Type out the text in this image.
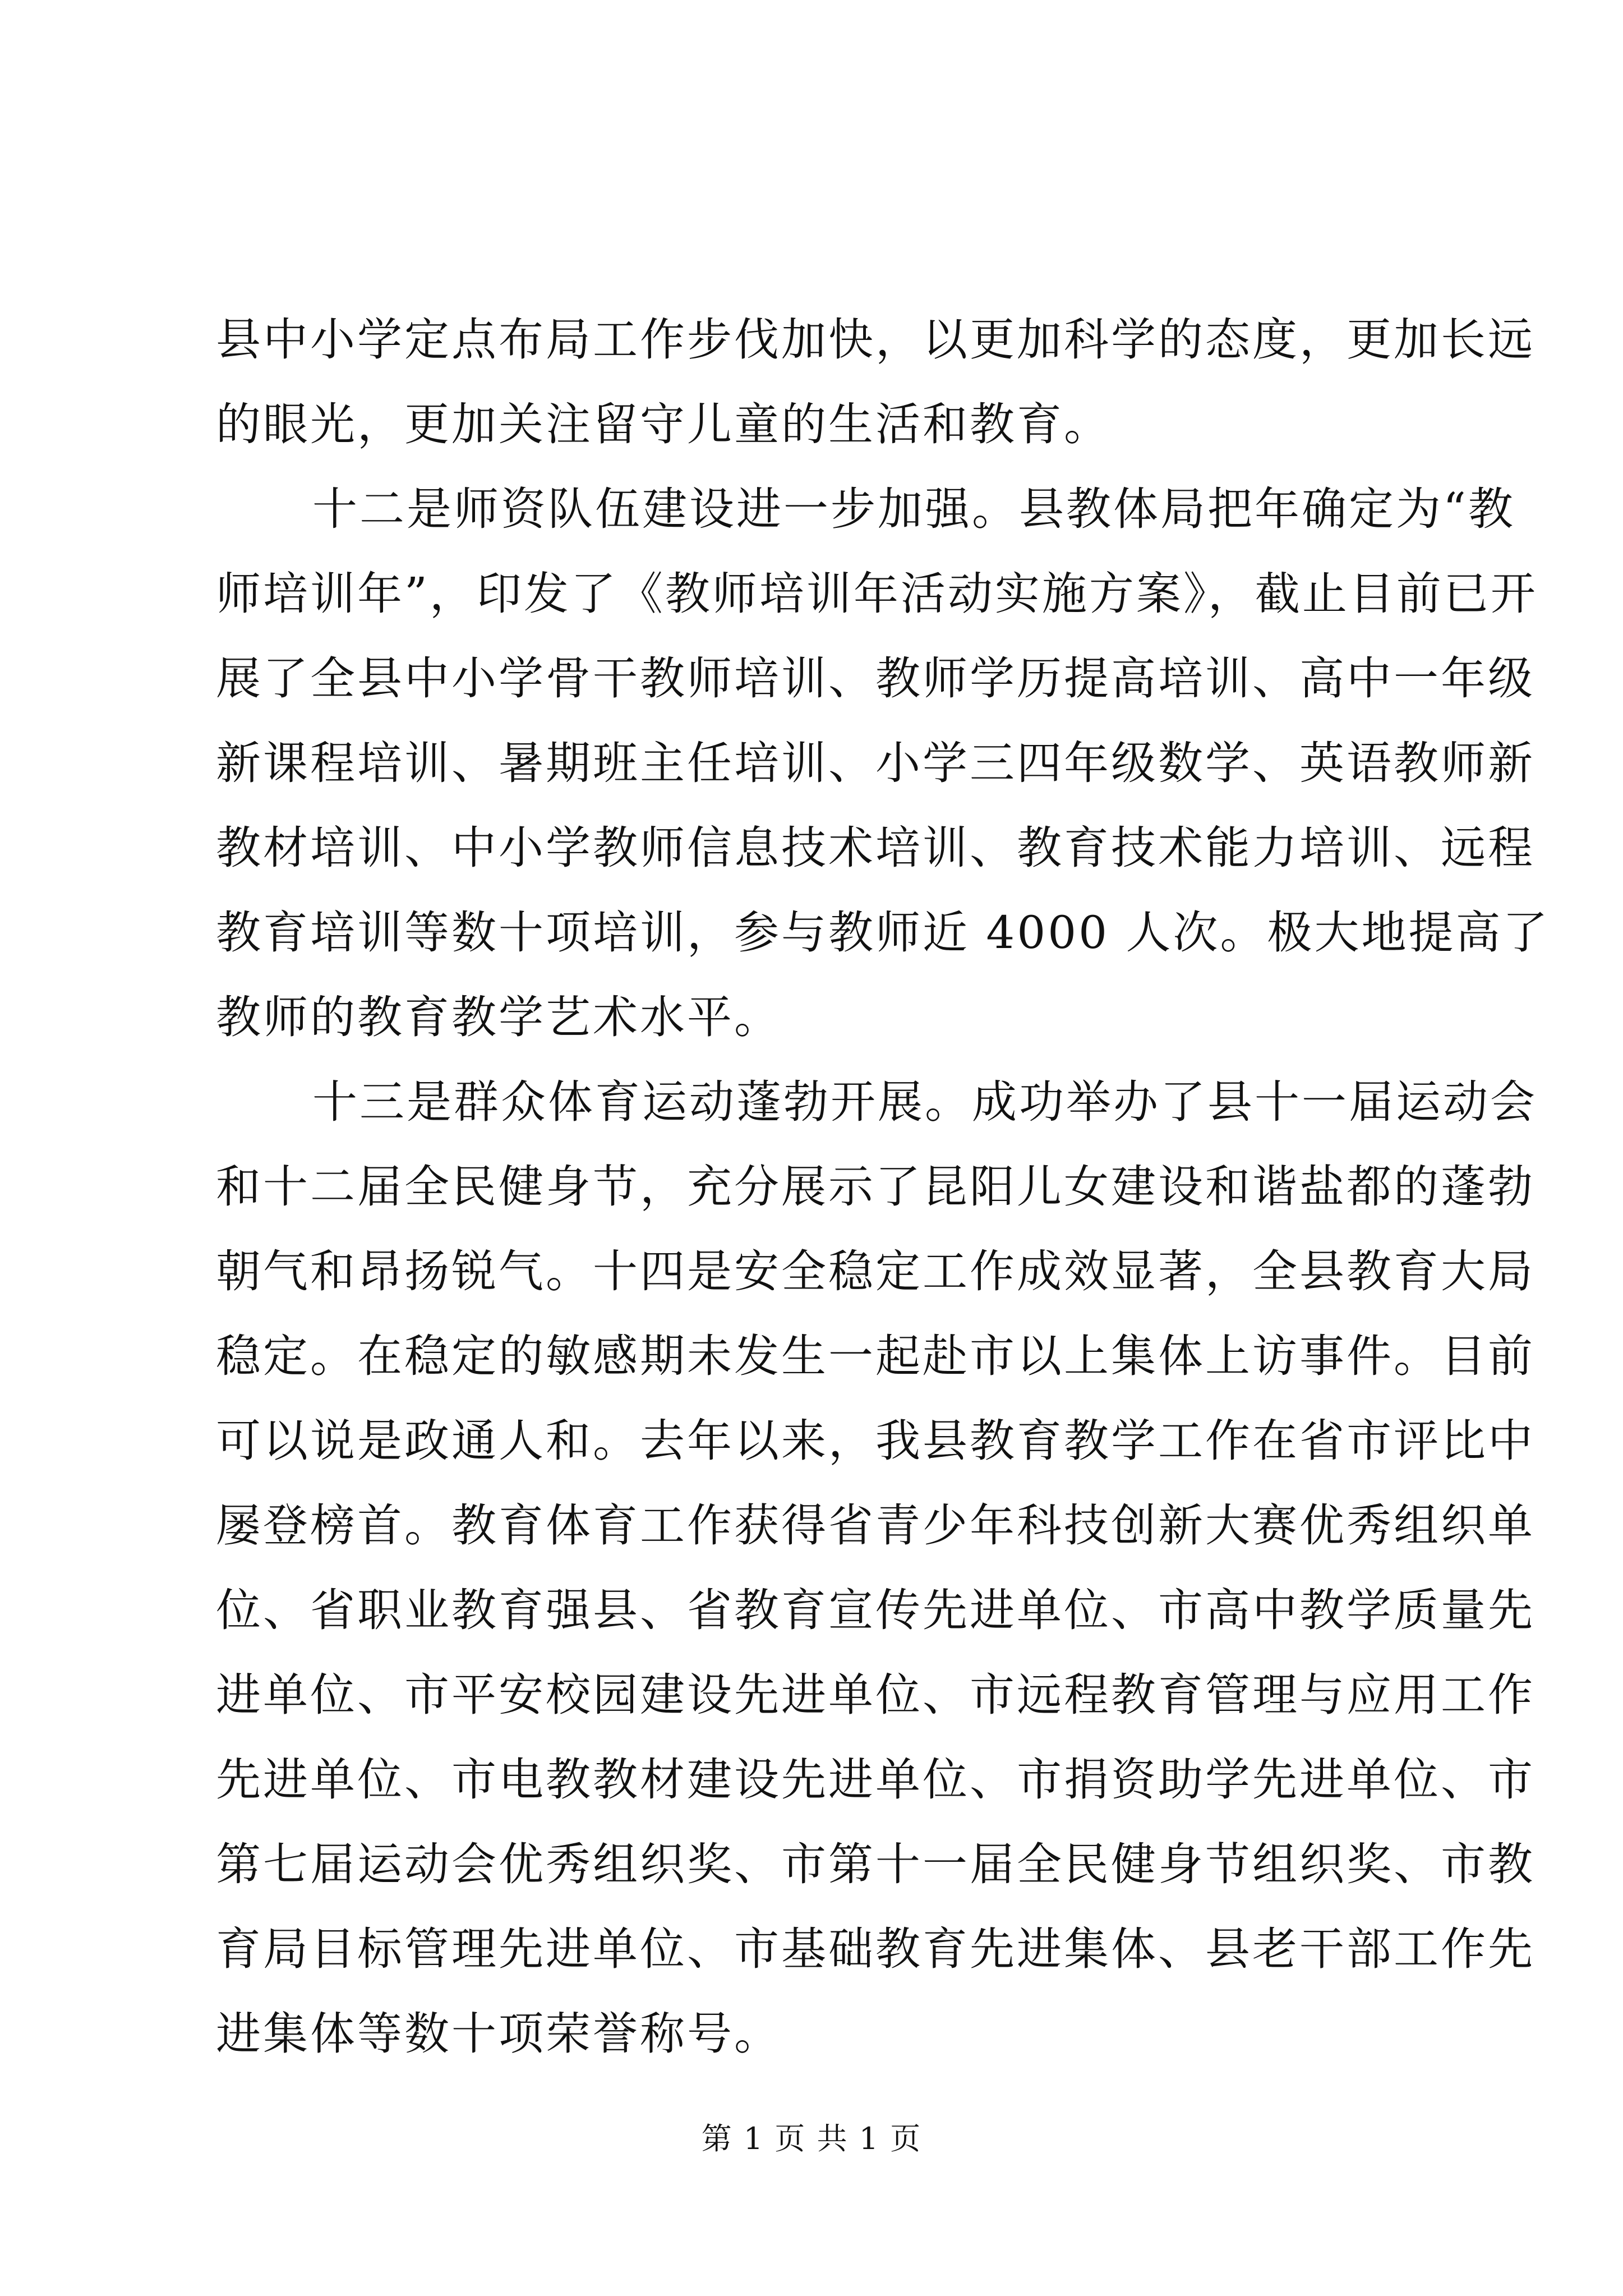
县中小学定点布局工作步伐加快，以更加科学的态度，更加长远
的眼光，更加关注留守儿童的生活和教育。

十二是师资队伍建设进一步加强。县教体局把年确定为“教
师培训年”，印发了《教师培训年活动实施方案》，截止目前已开
展了全县中小学骨干教师培训、教师学历提高培训、高中一年级
新课程培训、暑期班主任培训、小学三四年级数学、英语教师新
教材培训、中小学教师信息技术培训、教育技术能力培训、远程
教育培训等数十项培训，参与教师近 4000 人次。极大地提高了
教师的教育教学艺术水平。

十三是群众体育运动蓬勃开展。成功举办了县十一届运动会
和十二届全民健身节，充分展示了昆阳儿女建设和谐盐都的蓬勃
朝气和昂扬锐气。十四是安全稳定工作成效显著，全县教育大局
稳定。在稳定的敏感期未发生一起赴市以上集体上访事件。目前
可以说是政通人和。去年以来，我县教育教学工作在省市评比中
屡登榜首。教育体育工作获得省青少年科技创新大赛优秀组织单
位、省职业教育强县、省教育宣传先进单位、市高中教学质量先
进单位、市平安校园建设先进单位、市远程教育管理与应用工作
先进单位、市电教教材建设先进单位、市捐资助学先进单位、市
第七届运动会优秀组织奖、市第十一届全民健身节组织奖、市教
育局目标管理先进单位、市基础教育先进集体、县老干部工作先
进集体等数十项荣誉称号。

第 1 页 共 1 页
